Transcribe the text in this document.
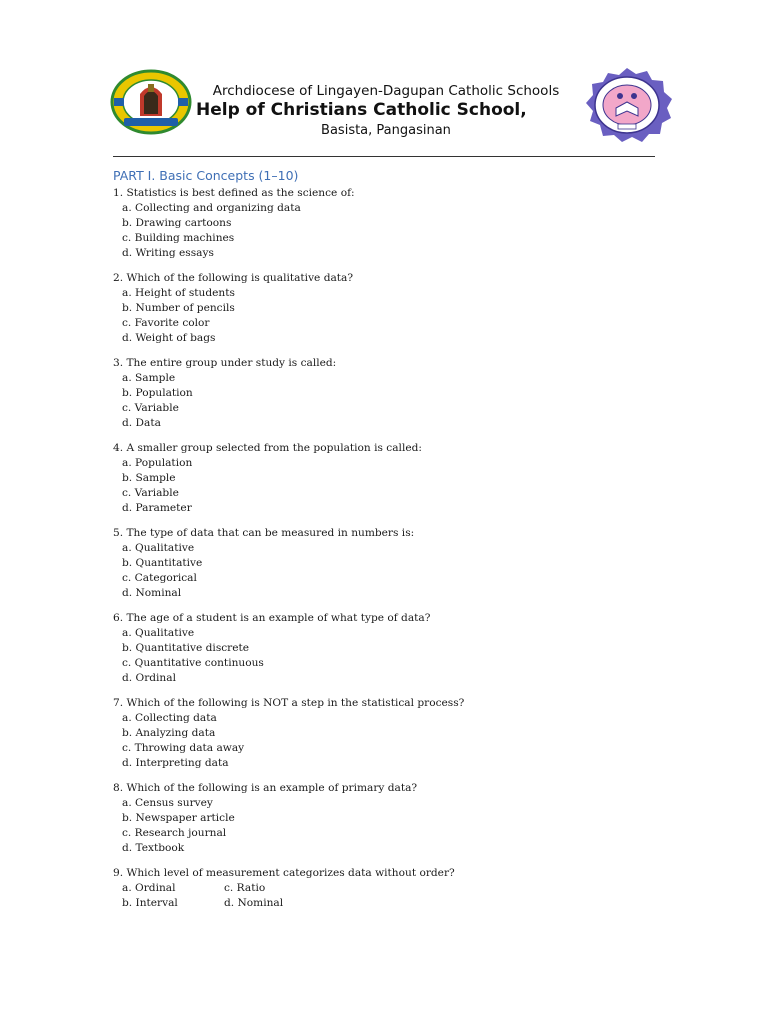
Archdiocese of Lingayen-Dagupan Catholic Schools
Help of Christians Catholic School,
Basista, Pangasinan
PART I. Basic Concepts (1–10)
1. Statistics is best defined as the science of:
a. Collecting and organizing data
b. Drawing cartoons
c. Building machines
d. Writing essays
2. Which of the following is qualitative data?
a. Height of students
b. Number of pencils
c. Favorite color
d. Weight of bags
3. The entire group under study is called:
a. Sample
b. Population
c. Variable
d. Data
4. A smaller group selected from the population is called:
a. Population
b. Sample
c. Variable
d. Parameter
5. The type of data that can be measured in numbers is:
a. Qualitative
b. Quantitative
c. Categorical
d. Nominal
6. The age of a student is an example of what type of data?
a. Qualitative
b. Quantitative discrete
c. Quantitative continuous
d. Ordinal
7. Which of the following is NOT a step in the statistical process?
a. Collecting data
b. Analyzing data
c. Throwing data away
d. Interpreting data
8. Which of the following is an example of primary data?
a. Census survey
b. Newspaper article
c. Research journal
d. Textbook
9. Which level of measurement categorizes data without order?
a. Ordinal	c. Ratio
b. Interval	d. Nominal
